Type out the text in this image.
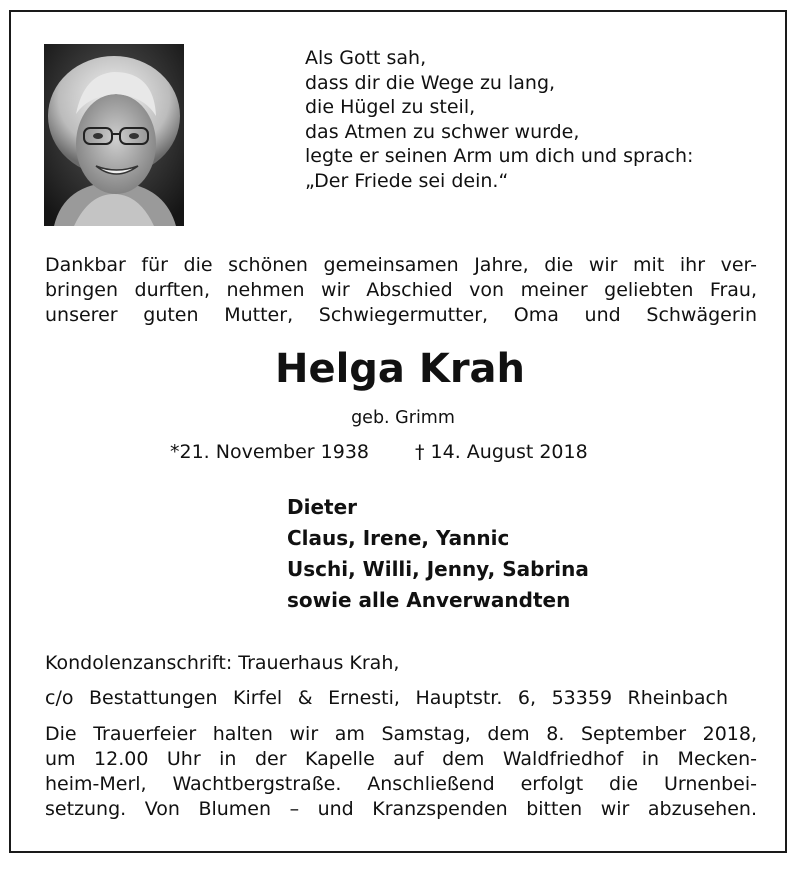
Als Gott sah,
dass dir die Wege zu lang,
die Hügel zu steil,
das Atmen zu schwer wurde,
legte er seinen Arm um dich und sprach:
„Der Friede sei dein.“
Dankbar für die schönen gemeinsamen Jahre, die wir mit ihr ver-
bringen durften, nehmen wir Abschied von meiner geliebten Frau,
unserer guten Mutter, Schwiegermutter, Oma und Schwägerin
Helga Krah
geb. Grimm
*21. November 1938 † 14. August 2018
Dieter
Claus, Irene, Yannic
Uschi, Willi, Jenny, Sabrina
sowie alle Anverwandten
Kondolenzanschrift: Trauerhaus Krah,
c/o Bestattungen Kirfel & Ernesti, Hauptstr. 6, 53359 Rheinbach
Die Trauerfeier halten wir am Samstag, dem 8. September 2018,
um 12.00 Uhr in der Kapelle auf dem Waldfriedhof in Mecken-
heim-Merl, Wachtbergstraße. Anschließend erfolgt die Urnenbei-
setzung. Von Blumen – und Kranzspenden bitten wir abzusehen.
